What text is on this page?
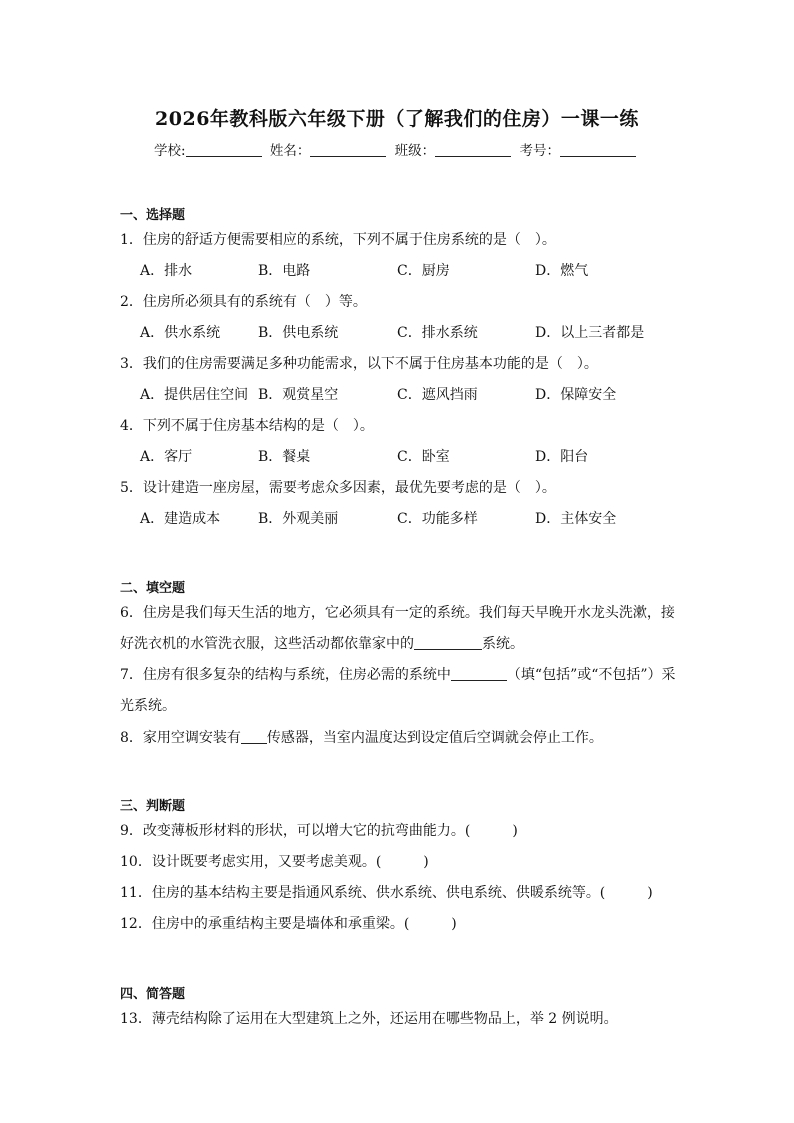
2026年教科版六年级下册（了解我们的住房）一课一练
学校:	姓名：	班级：	考号：
一、选择题
1．住房的舒适方便需要相应的系统，下列不属于住房系统的是（　）。
A．排水	B．电路	C．厨房	D．燃气
2．住房所必须具有的系统有（　）等。
A．供水系统	B．供电系统	C．排水系统	D．以上三者都是
3．我们的住房需要满足多种功能需求，以下不属于住房基本功能的是（　）。
A．提供居住空间 B．观赏星空	C．遮风挡雨	D．保障安全
4．下列不属于住房基本结构的是（　）。
A．客厅	B．餐桌	C．卧室	D．阳台
5．设计建造一座房屋，需要考虑众多因素，最优先要考虑的是（　）。
A．建造成本	B．外观美丽	C．功能多样	D．主体安全
二、填空题
6．住房是我们每天生活的地方，它必须具有一定的系统。我们每天早晚开水龙头洗漱，接
好洗衣机的水管洗衣服，这些活动都依靠家中的	系统。
7．住房有很多复杂的结构与系统，住房必需的系统中	（填“包括”或“不包括”）采
光系统。
8．家用空调安装有 传感器，当室内温度达到设定值后空调就会停止工作。
三、判断题
9．改变薄板形材料的形状，可以增大它的抗弯曲能力。(　　　)
10．设计既要考虑实用，又要考虑美观。(　　　)
11．住房的基本结构主要是指通风系统、供水系统、供电系统、供暖系统等。(　　　)
12．住房中的承重结构主要是墙体和承重梁。(　　　)
四、简答题
13．薄壳结构除了运用在大型建筑上之外，还运用在哪些物品上，举 2 例说明。
